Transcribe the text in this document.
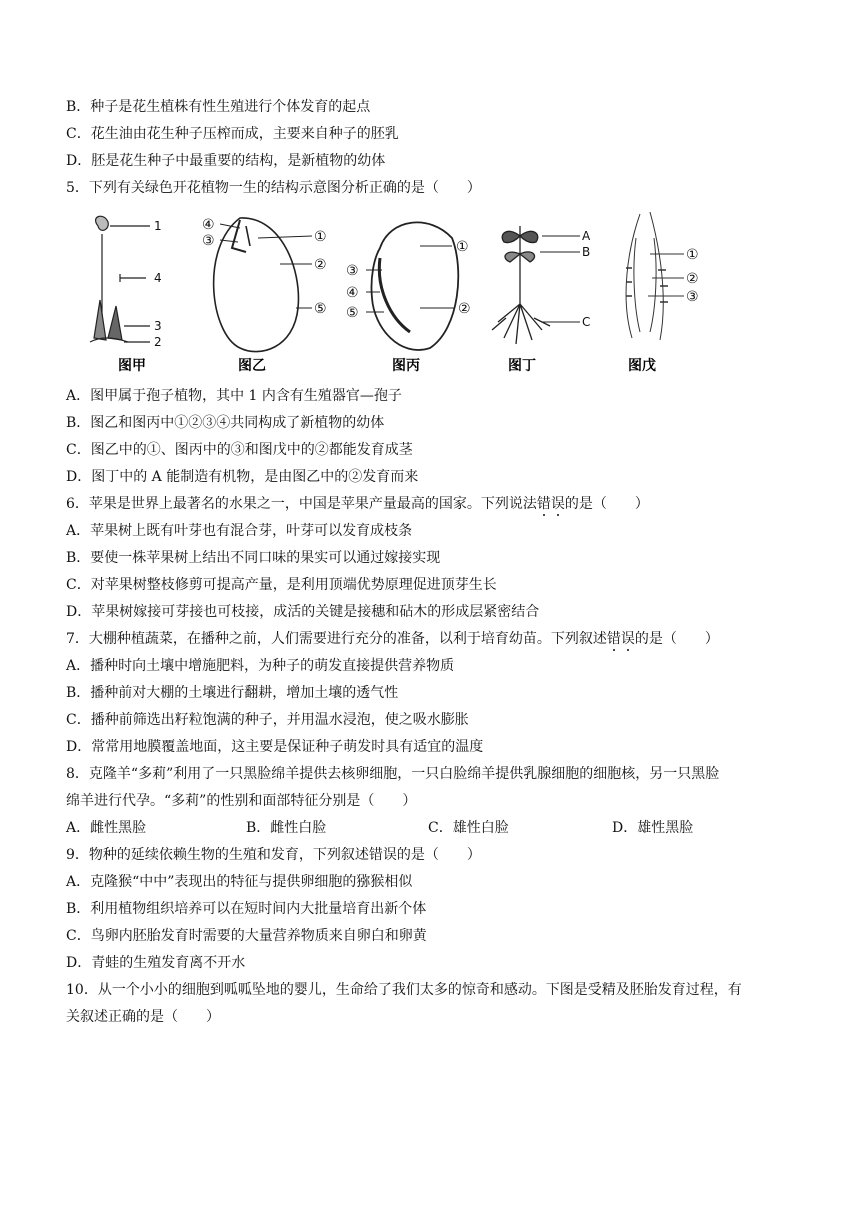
B．种子是花生植株有性生殖进行个体发育的起点
C．花生油由花生种子压榨而成，主要来自种子的胚乳
D．胚是花生种子中最重要的结构，是新植物的幼体
5．下列有关绿色开花植物一生的结构示意图分析正确的是（　　）
1
4
3
2
图甲
④
③	①
②
⑤
图乙
①
③
④
⑤	②
图丙
A
B
C
图丁
①
②
③
图戊
A．图甲属于孢子植物，其中 1 内含有生殖器官—孢子
B．图乙和图丙中①②③④共同构成了新植物的幼体
C．图乙中的①、图丙中的③和图戊中的②都能发育成茎
D．图丁中的 A 能制造有机物，是由图乙中的②发育而来
6．苹果是世界上最著名的水果之一，中国是苹果产量最高的国家。下列说法错误的是（　　）
A．苹果树上既有叶芽也有混合芽，叶芽可以发育成枝条
B．要使一株苹果树上结出不同口味的果实可以通过嫁接实现
C．对苹果树整枝修剪可提高产量，是利用顶端优势原理促进顶芽生长
D．苹果树嫁接可芽接也可枝接，成活的关键是接穗和砧木的形成层紧密结合
7．大棚种植蔬菜，在播种之前，人们需要进行充分的准备，以利于培育幼苗。下列叙述错误的是（　　）
A．播种时向土壤中增施肥料，为种子的萌发直接提供营养物质
B．播种前对大棚的土壤进行翻耕，增加土壤的透气性
C．播种前筛选出籽粒饱满的种子，并用温水浸泡，使之吸水膨胀
D．常常用地膜覆盖地面，这主要是保证种子萌发时具有适宜的温度
8．克隆羊“多莉”利用了一只黑脸绵羊提供去核卵细胞，一只白脸绵羊提供乳腺细胞的细胞核，另一只黑脸
绵羊进行代孕。“多莉”的性别和面部特征分别是（　　）
A．雌性黑脸	B．雌性白脸	C．雄性白脸	D．雄性黑脸
9．物种的延续依赖生物的生殖和发育，下列叙述错误的是（　　）
A．克隆猴“中中”表现出的特征与提供卵细胞的猕猴相似
B．利用植物组织培养可以在短时间内大批量培育出新个体
C．鸟卵内胚胎发育时需要的大量营养物质来自卵白和卵黄
D．青蛙的生殖发育离不开水
10．从一个小小的细胞到呱呱坠地的婴儿，生命给了我们太多的惊奇和感动。下图是受精及胚胎发育过程，有
关叙述正确的是（　　）
